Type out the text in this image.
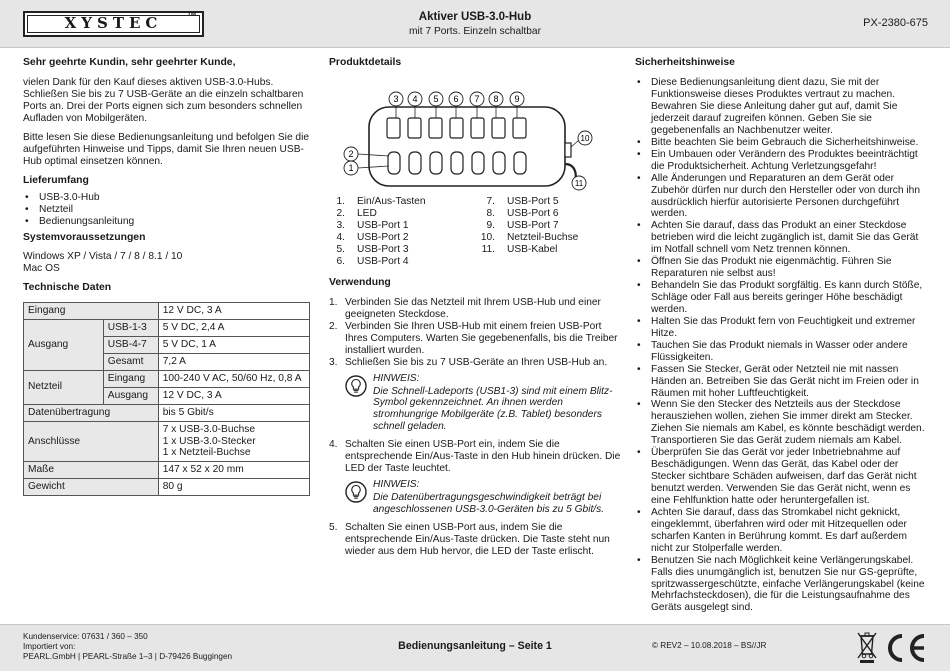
XYSTEC	TM	Aktiver USB-3.0-Hub
mit 7 Ports. Einzeln schaltbar
PX-2380-675
Sehr geehrte Kundin, sehr geehrter Kunde,

vielen Dank für den Kauf dieses aktiven USB-3.0-Hubs. Schließen Sie bis zu 7 USB-Geräte an die einzeln schaltbaren Ports an. Drei der Ports eignen sich zum besonders schnellen Aufladen von Mobilgeräten.

Bitte lesen Sie diese Bedienungsanleitung und befolgen Sie die aufgeführten Hinweise und Tipps, damit Sie Ihren neuen USB-Hub optimal einsetzen können.

Lieferumfang
• USB-3.0-Hub
• Netzteil
• Bedienungsanleitung
Systemvoraussetzungen
Windows XP / Vista / 7 / 8 / 8.1 / 10
Mac OS
Technische Daten
Eingang		12 V DC, 3 A
Ausgang	USB-1-3	5 V DC, 2,4 A
	USB-4-7	5 V DC, 1 A
	Gesamt	7,2 A
Netzteil	Eingang	100-240 V AC, 50/60 Hz, 0,8 A
	Ausgang	12 V DC, 3 A
Datenübertragung		bis 5 Gbit/s
Anschlüsse		7 x USB-3.0-Buchse
1 x USB-3.0-Stecker
1 x Netzteil-Buchse

Maße		147 x 52 x 20 mm
Gewicht		80 g
Produktdetails
3 4 5 6 7 8 9
2
1
10
11
1. Ein/Aus-Tasten
2. LED
3. USB-Port 1
4. USB-Port 2
5. USB-Port 3
6. USB-Port 4
7. USB-Port 5
8. USB-Port 6
9. USB-Port 7
10. Netzteil-Buchse
11. USB-Kabel
Verwendung
1. Verbinden Sie das Netzteil mit Ihrem USB-Hub und einer geeigneten Steckdose.
2. Verbinden Sie Ihren USB-Hub mit einem freien USB-Port Ihres Computers. Warten Sie gegebenenfalls, bis die Treiber installiert wurden.
3. Schließen Sie bis zu 7 USB-Geräte an Ihren USB-Hub an.
HINWEIS:
Die Schnell-Ladeports (USB1-3) sind mit einem Blitz-Symbol gekennzeichnet. An ihnen werden stromhungrige Mobilgeräte (z.B. Tablet) besonders schnell geladen.
4. Schalten Sie einen USB-Port ein, indem Sie die entsprechende Ein/Aus-Taste in den Hub hinein drücken. Die LED der Taste leuchtet.
HINWEIS:
Die Datenübertragungsgeschwindigkeit beträgt bei angeschlossenen USB-3.0-Geräten bis zu 5 Gbit/s.
5. Schalten Sie einen USB-Port aus, indem Sie die entsprechende Ein/Aus-Taste drücken. Die Taste steht nun wieder aus dem Hub hervor, die LED der Taste erlischt.
Sicherheitshinweise
• Diese Bedienungsanleitung dient dazu, Sie mit der Funktionsweise dieses Produktes vertraut zu machen. Bewahren Sie diese Anleitung daher gut auf, damit Sie jederzeit darauf zugreifen können. Geben Sie sie gegebenenfalls an Nachbenutzer weiter.
• Bitte beachten Sie beim Gebrauch die Sicherheitshinweise.
• Ein Umbauen oder Verändern des Produktes beeinträchtigt die Produktsicherheit. Achtung Verletzungsgefahr!
• Alle Änderungen und Reparaturen an dem Gerät oder Zubehör dürfen nur durch den Hersteller oder von durch ihn ausdrücklich hierfür autorisierte Personen durchgeführt werden.
• Achten Sie darauf, dass das Produkt an einer Steckdose betrieben wird die leicht zugänglich ist, damit Sie das Gerät im Notfall schnell vom Netz trennen können.
• Öffnen Sie das Produkt nie eigenmächtig. Führen Sie Reparaturen nie selbst aus!
• Behandeln Sie das Produkt sorgfältig. Es kann durch Stöße, Schläge oder Fall aus bereits geringer Höhe beschädigt werden.
• Halten Sie das Produkt fern von Feuchtigkeit und extremer Hitze.
• Tauchen Sie das Produkt niemals in Wasser oder andere Flüssigkeiten.
• Fassen Sie Stecker, Gerät oder Netzteil nie mit nassen Händen an. Betreiben Sie das Gerät nicht im Freien oder in Räumen mit hoher Luftfeuchtigkeit.
• Wenn Sie den Stecker des Netzteils aus der Steckdose herausziehen wollen, ziehen Sie immer direkt am Stecker. Ziehen Sie niemals am Kabel, es könnte beschädigt werden. Transportieren Sie das Gerät zudem niemals am Kabel.
• Überprüfen Sie das Gerät vor jeder Inbetriebnahme auf Beschädigungen. Wenn das Gerät, das Kabel oder der Stecker sichtbare Schäden aufweisen, darf das Gerät nicht benutzt werden. Verwenden Sie das Gerät nicht, wenn es eine Fehlfunktion hatte oder heruntergefallen ist.
• Achten Sie darauf, dass das Stromkabel nicht geknickt, eingeklemmt, überfahren wird oder mit Hitzequellen oder scharfen Kanten in Berührung kommt. Es darf außerdem nicht zur Stolperfalle werden.
• Benutzen Sie nach Möglichkeit keine Verlängerungskabel. Falls dies unumgänglich ist, benutzen Sie nur GS-geprüfte, spritzwassergeschützte, einfache Verlängerungskabel (keine Mehrfachsteckdosen), die für die Leistungsaufnahme des Geräts ausgelegt sind.
Kundenservice: 07631 / 360 – 350
Importiert von:
PEARL.GmbH | PEARL-Straße 1–3 | D-79426 Buggingen
Bedienungsanleitung – Seite 1	© REV2 – 10.08.2018 – BS//JR
